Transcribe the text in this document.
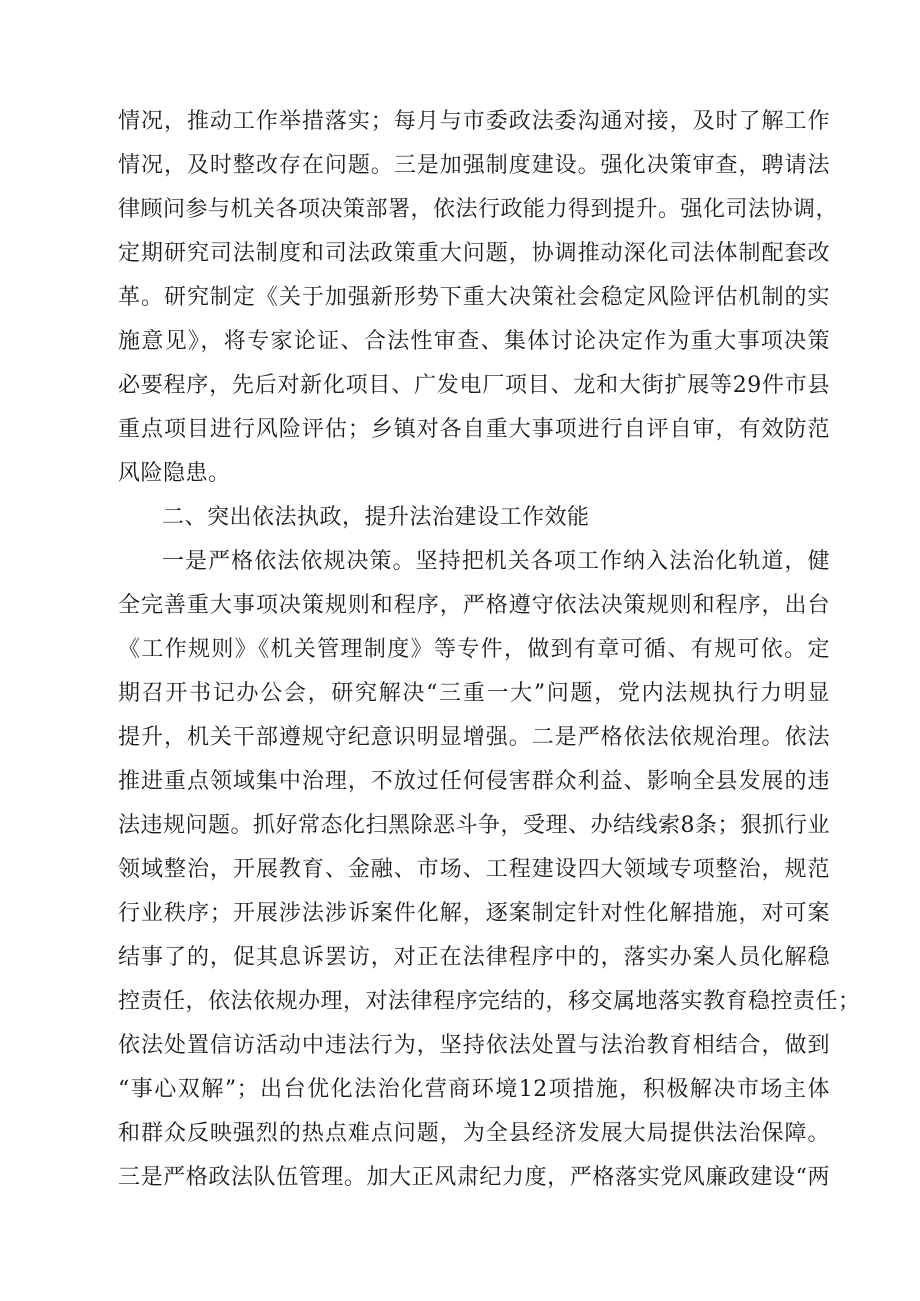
情况，推动工作举措落实；每月与市委政法委沟通对接，及时了解工作
情况，及时整改存在问题。三是加强制度建设。强化决策审查，聘请法
律顾问参与机关各项决策部署，依法行政能力得到提升。强化司法协调，
定期研究司法制度和司法政策重大问题，协调推动深化司法体制配套改
革。研究制定《关于加强新形势下重大决策社会稳定风险评估机制的实
施意见》，将专家论证、合法性审查、集体讨论决定作为重大事项决策
必要程序，先后对新化项目、广发电厂项目、龙和大街扩展等29件市县
重点项目进行风险评估；乡镇对各自重大事项进行自评自审，有效防范
风险隐患。
二、突出依法执政，提升法治建设工作效能
一是严格依法依规决策。坚持把机关各项工作纳入法治化轨道，健
全完善重大事项决策规则和程序，严格遵守依法决策规则和程序，出台
《工作规则》《机关管理制度》等专件，做到有章可循、有规可依。定
期召开书记办公会，研究解决“三重一大”问题，党内法规执行力明显
提升，机关干部遵规守纪意识明显增强。二是严格依法依规治理。依法
推进重点领域集中治理，不放过任何侵害群众利益、影响全县发展的违
法违规问题。抓好常态化扫黑除恶斗争，受理、办结线索8条；狠抓行业
领域整治，开展教育、金融、市场、工程建设四大领域专项整治，规范
行业秩序；开展涉法涉诉案件化解，逐案制定针对性化解措施，对可案
结事了的，促其息诉罢访，对正在法律程序中的，落实办案人员化解稳
控责任，依法依规办理，对法律程序完结的，移交属地落实教育稳控责任；
依法处置信访活动中违法行为，坚持依法处置与法治教育相结合，做到
“事心双解”；出台优化法治化营商环境12项措施，积极解决市场主体
和群众反映强烈的热点难点问题，为全县经济发展大局提供法治保障。
三是严格政法队伍管理。加大正风肃纪力度，严格落实党风廉政建设“两
